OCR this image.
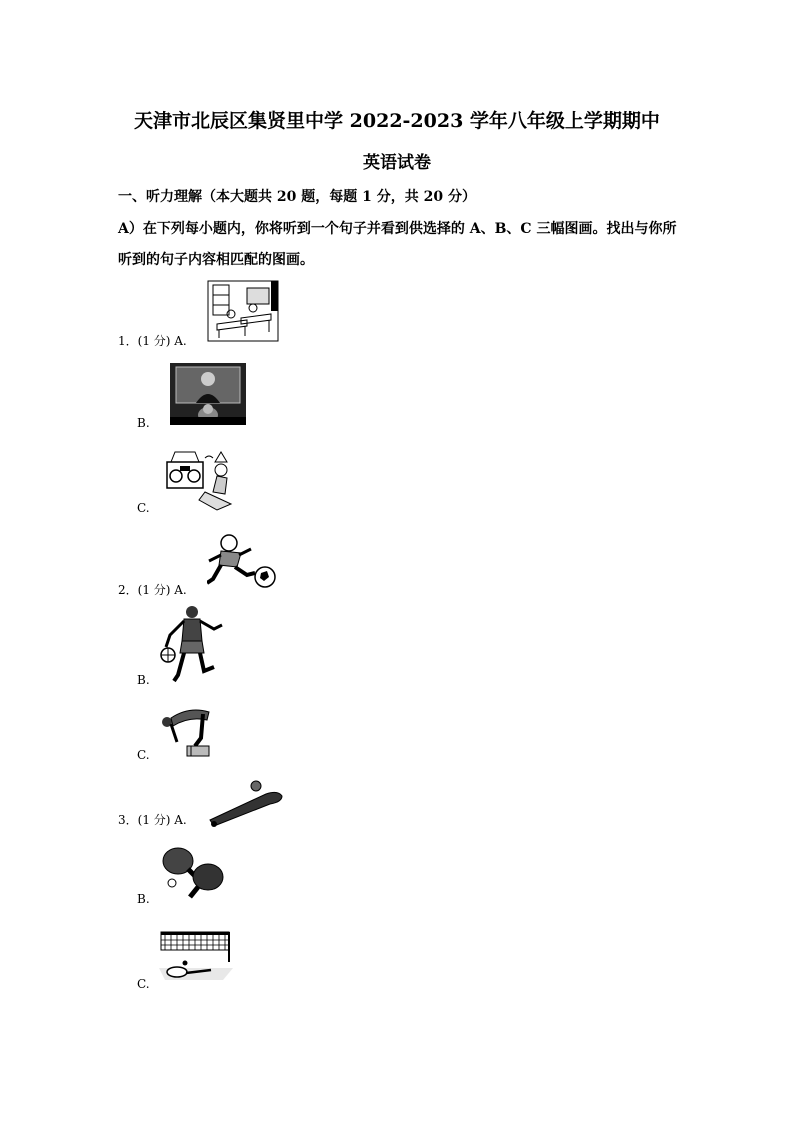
天津市北辰区集贤里中学 2022-2023 学年八年级上学期期中
英语试卷
一、听力理解（本大题共 20 题，每题 1 分，共 20 分）
A）在下列每小题内，你将听到一个句子并看到供选择的 A、B、C 三幅图画。找出与你所
听到的句子内容相匹配的图画。
1．(1 分) A.
B.
C.
2．(1 分) A.
B.
C.
3．(1 分) A.
B.
C.
